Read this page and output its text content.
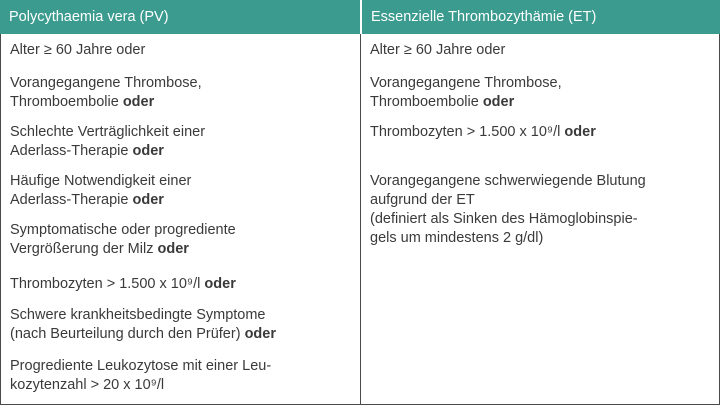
Polycythaemia vera (PV)	Essenzielle Thrombozythämie (ET)
Alter ≥ 60 Jahre oder
Vorangegangene Thrombose,
Thromboembolie oder
Schlechte Verträglichkeit einer
Aderlass-Therapie oder
Häufige Notwendigkeit einer
Aderlass-Therapie oder
Symptomatische oder progrediente
Vergrößerung der Milz oder
Thrombozyten > 1.500 x 10⁹/l oder
Schwere krankheitsbedingte Symptome
(nach Beurteilung durch den Prüfer) oder
Progrediente Leukozytose mit einer Leu-
kozytenzahl > 20 x 10⁹/l
Alter ≥ 60 Jahre oder
Vorangegangene Thrombose,
Thromboembolie oder
Thrombozyten > 1.500 x 10⁹/l oder
Vorangegangene schwerwiegende Blutung
aufgrund der ET
(definiert als Sinken des Hämoglobinspie-
gels um mindestens 2 g/dl)
